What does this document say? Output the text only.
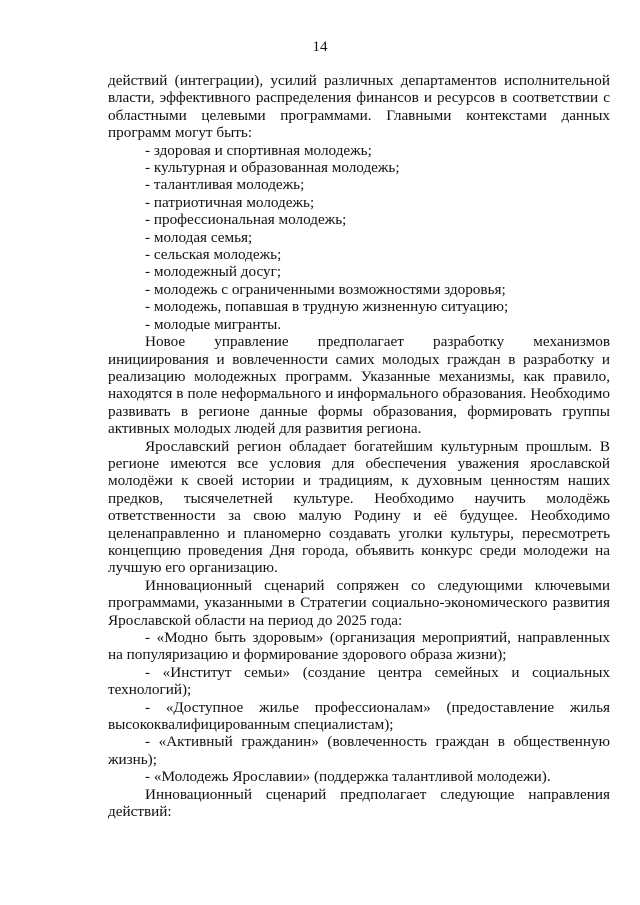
14

действий (интеграции), усилий различных департаментов исполнительной власти, эффективного распределения финансов и ресурсов в соответствии с областными целевыми программами. Главными контекстами данных программ могут быть:

- здоровая и спортивная молодежь;
- культурная и образованная молодежь;
- талантливая молодежь;
- патриотичная молодежь;
- профессиональная молодежь;
- молодая семья;
- сельская молодежь;
- молодежный досуг;
- молодежь с ограниченными возможностями здоровья;
- молодежь, попавшая в трудную жизненную ситуацию;
- молодые мигранты.

Новое управление предполагает разработку механизмов инициирования и вовлеченности самих молодых граждан в разработку и реализацию молодежных программ. Указанные механизмы, как правило, находятся в поле неформального и информального образования. Необходимо развивать в регионе данные формы образования, формировать группы активных молодых людей для развития региона.

Ярославский регион обладает богатейшим культурным прошлым. В регионе имеются все условия для обеспечения уважения ярославской молодёжи к своей истории и традициям, к духовным ценностям наших предков, тысячелетней культуре. Необходимо научить молодёжь ответственности за свою малую Родину и её будущее. Необходимо целенаправленно и планомерно создавать уголки культуры, пересмотреть концепцию проведения Дня города, объявить конкурс среди молодежи на лучшую его организацию.

Инновационный сценарий сопряжен со следующими ключевыми программами, указанными в Стратегии социально-экономического развития Ярославской области на период до 2025 года:

- «Модно быть здоровым» (организация мероприятий, направленных на популяризацию и формирование здорового образа жизни);

- «Институт семьи» (создание центра семейных и социальных технологий);

- «Доступное жилье профессионалам» (предоставление жилья высококвалифицированным специалистам);

- «Активный гражданин» (вовлеченность граждан в общественную жизнь);

- «Молодежь Ярославии» (поддержка талантливой молодежи).

Инновационный сценарий предполагает следующие направления действий:
